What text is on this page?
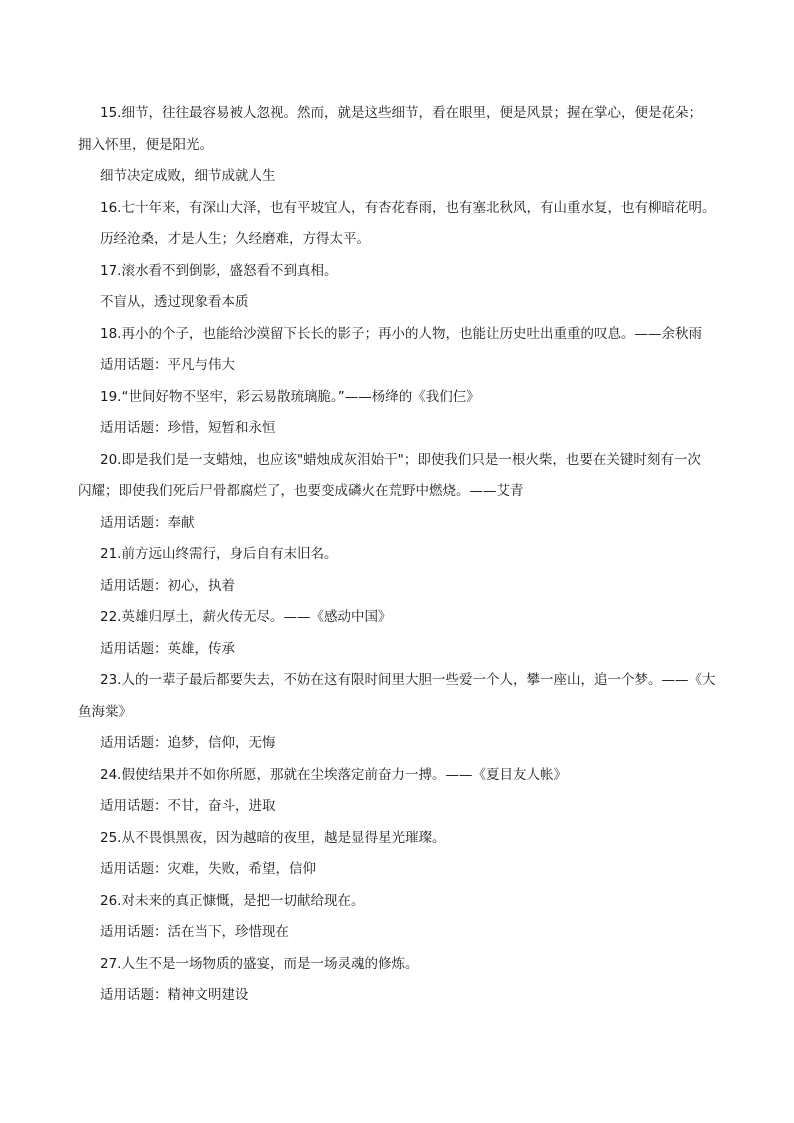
15.细节，往往最容易被人忽视。然而，就是这些细节，看在眼里，便是风景；握在掌心，便是花朵；

拥入怀里，便是阳光。

细节决定成败，细节成就人生

16.七十年来，有深山大泽，也有平坡宜人，有杏花春雨，也有塞北秋风，有山重水复，也有柳暗花明。

历经沧桑，才是人生；久经磨难，方得太平。

17.滚水看不到倒影，盛怒看不到真相。

不盲从，透过现象看本质

18.再小的个子，也能给沙漠留下长长的影子；再小的人物，也能让历史吐出重重的叹息。——余秋雨

适用话题：平凡与伟大

19.“世间好物不坚牢，彩云易散琉璃脆。”——杨绛的《我们仨》

适用话题：珍惜，短暂和永恒

20.即是我们是一支蜡烛，也应该"蜡烛成灰泪始干"；即使我们只是一根火柴，也要在关键时刻有一次

闪耀；即使我们死后尸骨都腐烂了，也要变成磷火在荒野中燃烧。——艾青

适用话题：奉献

21.前方远山终需行，身后自有末旧名。

适用话题：初心，执着

22.英雄归厚土，薪火传无尽。——《感动中国》

适用话题：英雄，传承

23.人的一辈子最后都要失去，不妨在这有限时间里大胆一些爱一个人，攀一座山，追一个梦。——《大

鱼海棠》

适用话题：追梦，信仰，无悔

24.假使结果并不如你所愿，那就在尘埃落定前奋力一搏。——《夏目友人帐》

适用话题：不甘，奋斗，进取

25.从不畏惧黑夜，因为越暗的夜里，越是显得星光璀璨。

适用话题：灾难，失败，希望，信仰

26.对未来的真正慷慨，是把一切献给现在。

适用话题：活在当下，珍惜现在

27.人生不是一场物质的盛宴，而是一场灵魂的修炼。

适用话题：精神文明建设
